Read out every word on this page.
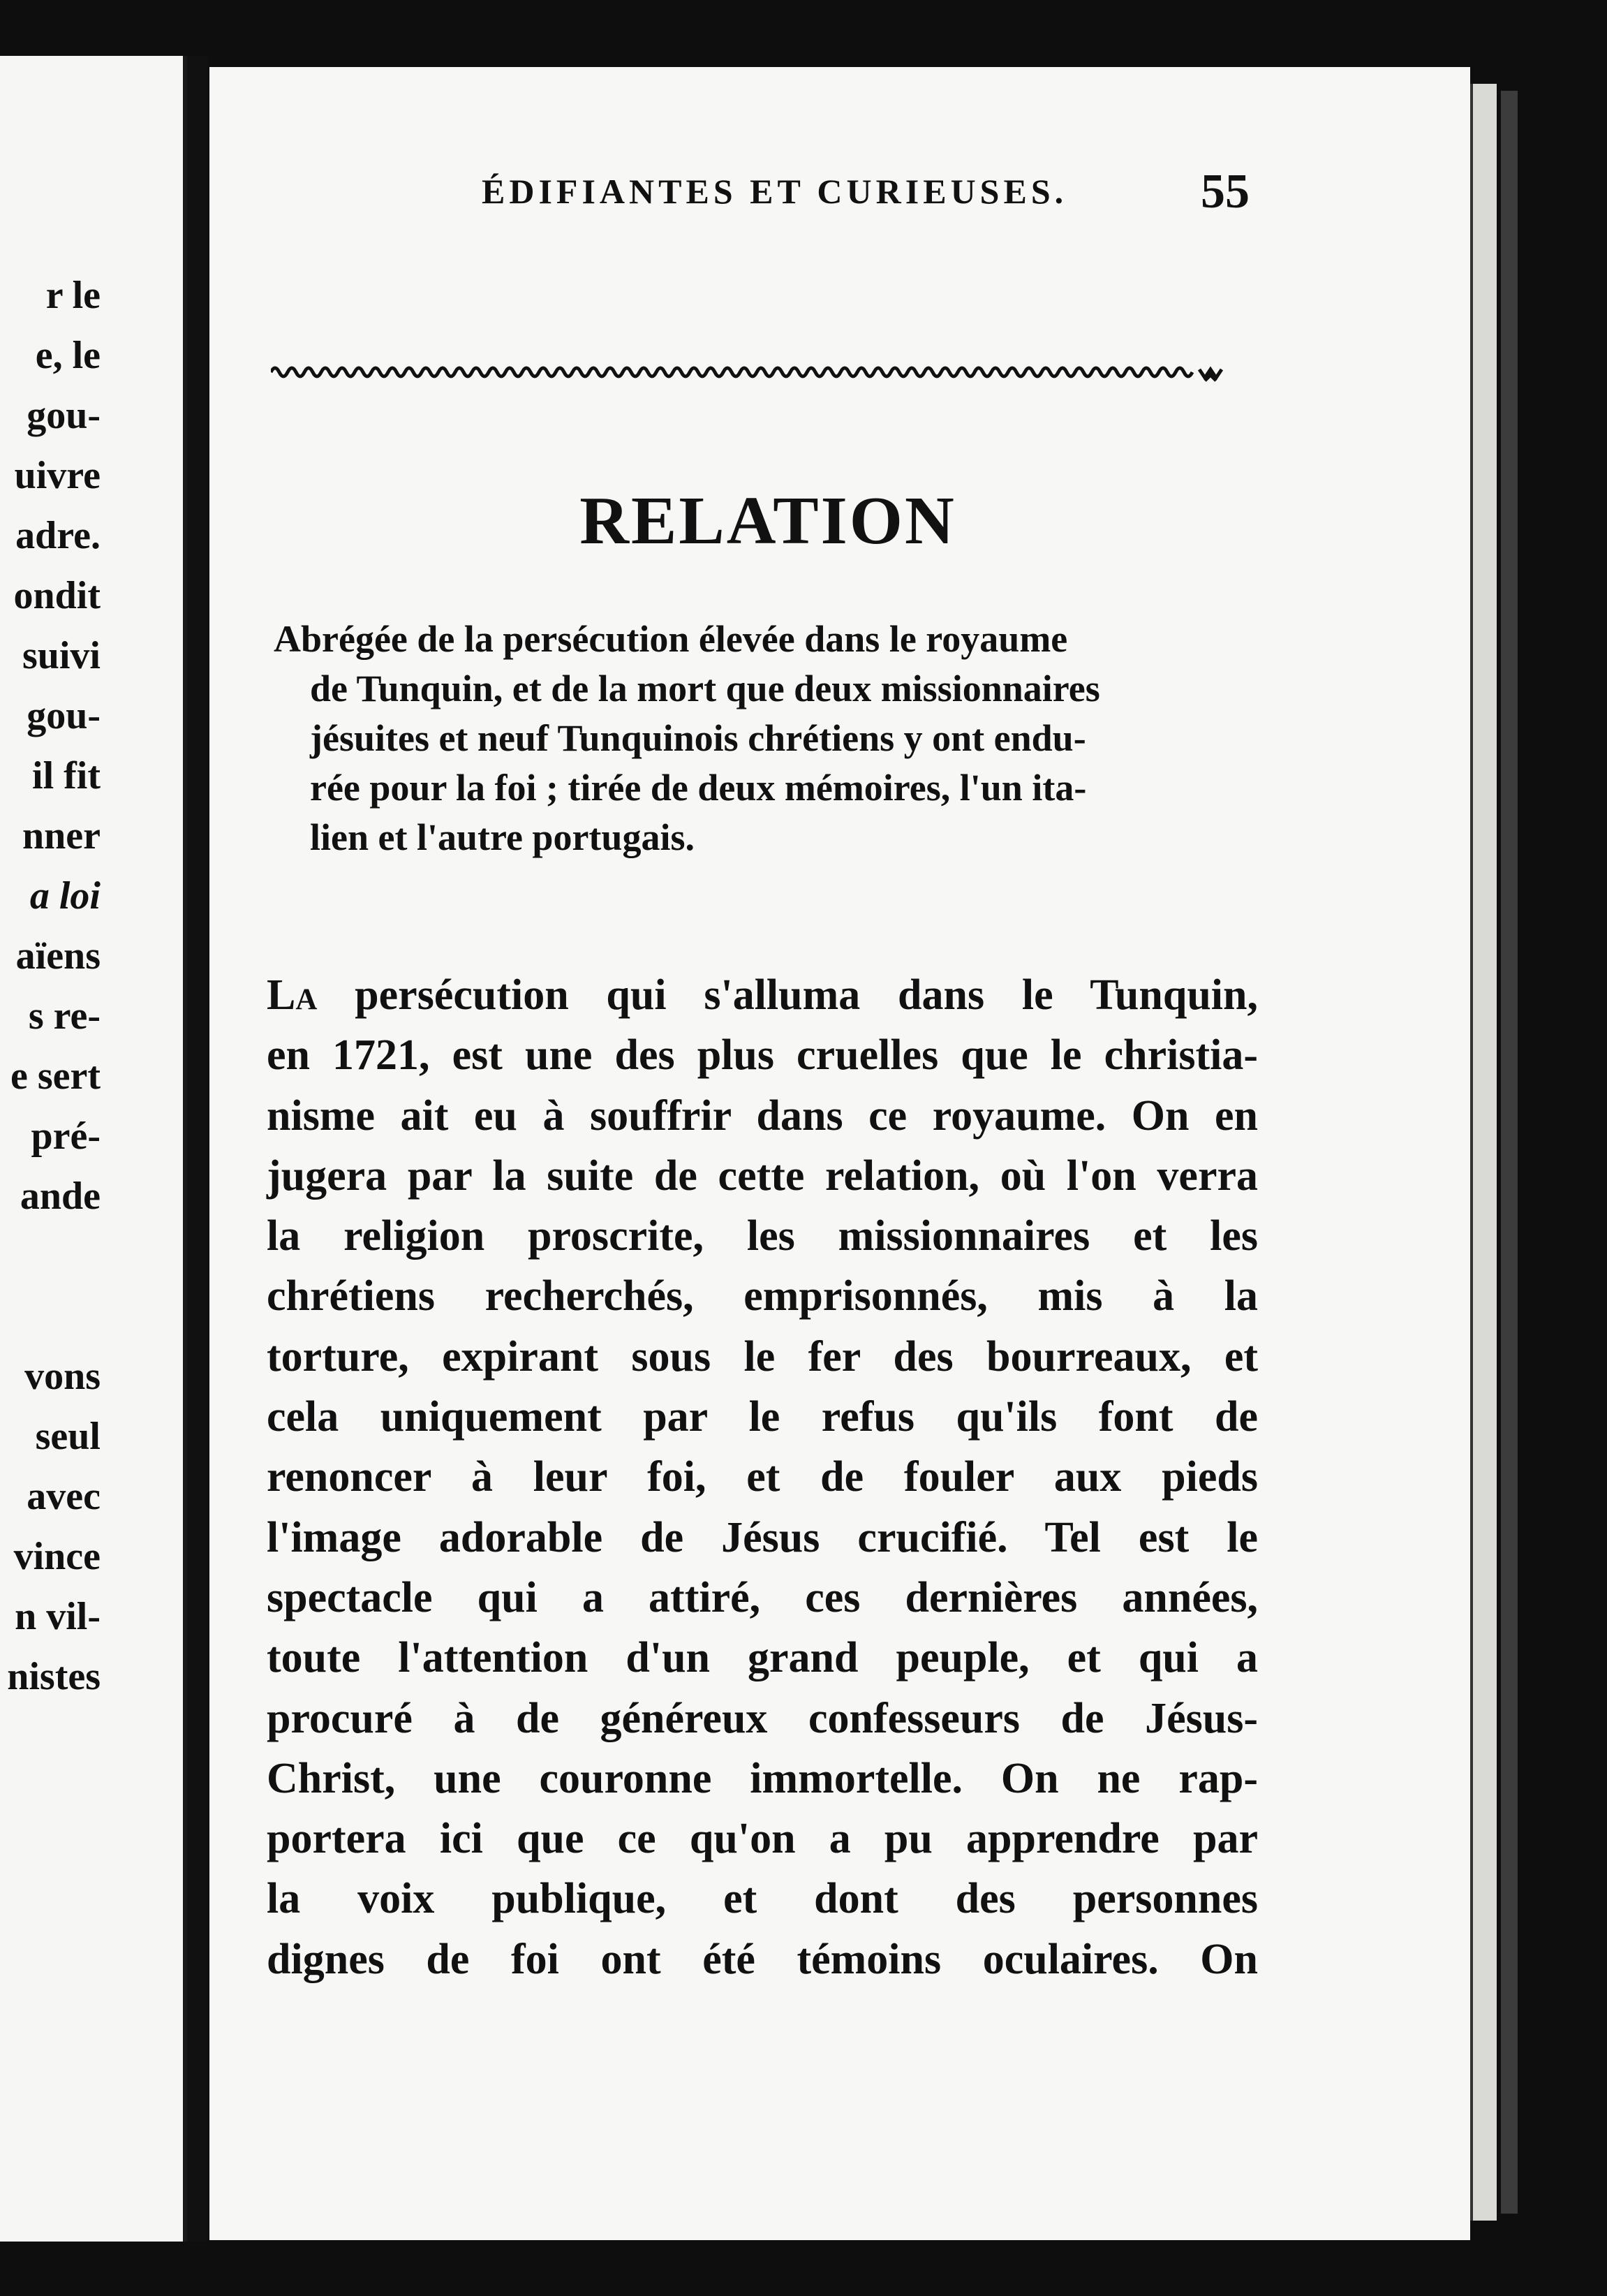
r le
e, le
gou-
uivre
adre.
ondit
suivi
gou-
il fit
nner
a loi
aïens
s re-
e sert
pré-
ande

vons
seul
avec
vince
n vil-
nistes
ÉDIFIANTES ET CURIEUSES.	55
RELATION
Abrégée de la persécution élevée dans le royaume
de Tunquin, et de la mort que deux missionnaires
jésuites et neuf Tunquinois chrétiens y ont endu-
rée pour la foi ; tirée de deux mémoires, l'un ita-
lien et l'autre portugais.
La persécution qui s'alluma dans le Tunquin,
en 1721, est une des plus cruelles que le christia-
nisme ait eu à souffrir dans ce royaume. On en
jugera par la suite de cette relation, où l'on verra
la religion proscrite, les missionnaires et les
chrétiens recherchés, emprisonnés, mis à la
torture, expirant sous le fer des bourreaux, et
cela uniquement par le refus qu'ils font de
renoncer à leur foi, et de fouler aux pieds
l'image adorable de Jésus crucifié. Tel est le
spectacle qui a attiré, ces dernières années,
toute l'attention d'un grand peuple, et qui a
procuré à de généreux confesseurs de Jésus-
Christ, une couronne immortelle. On ne rap-
portera ici que ce qu'on a pu apprendre par
la voix publique, et dont des personnes
dignes de foi ont été témoins oculaires. On
